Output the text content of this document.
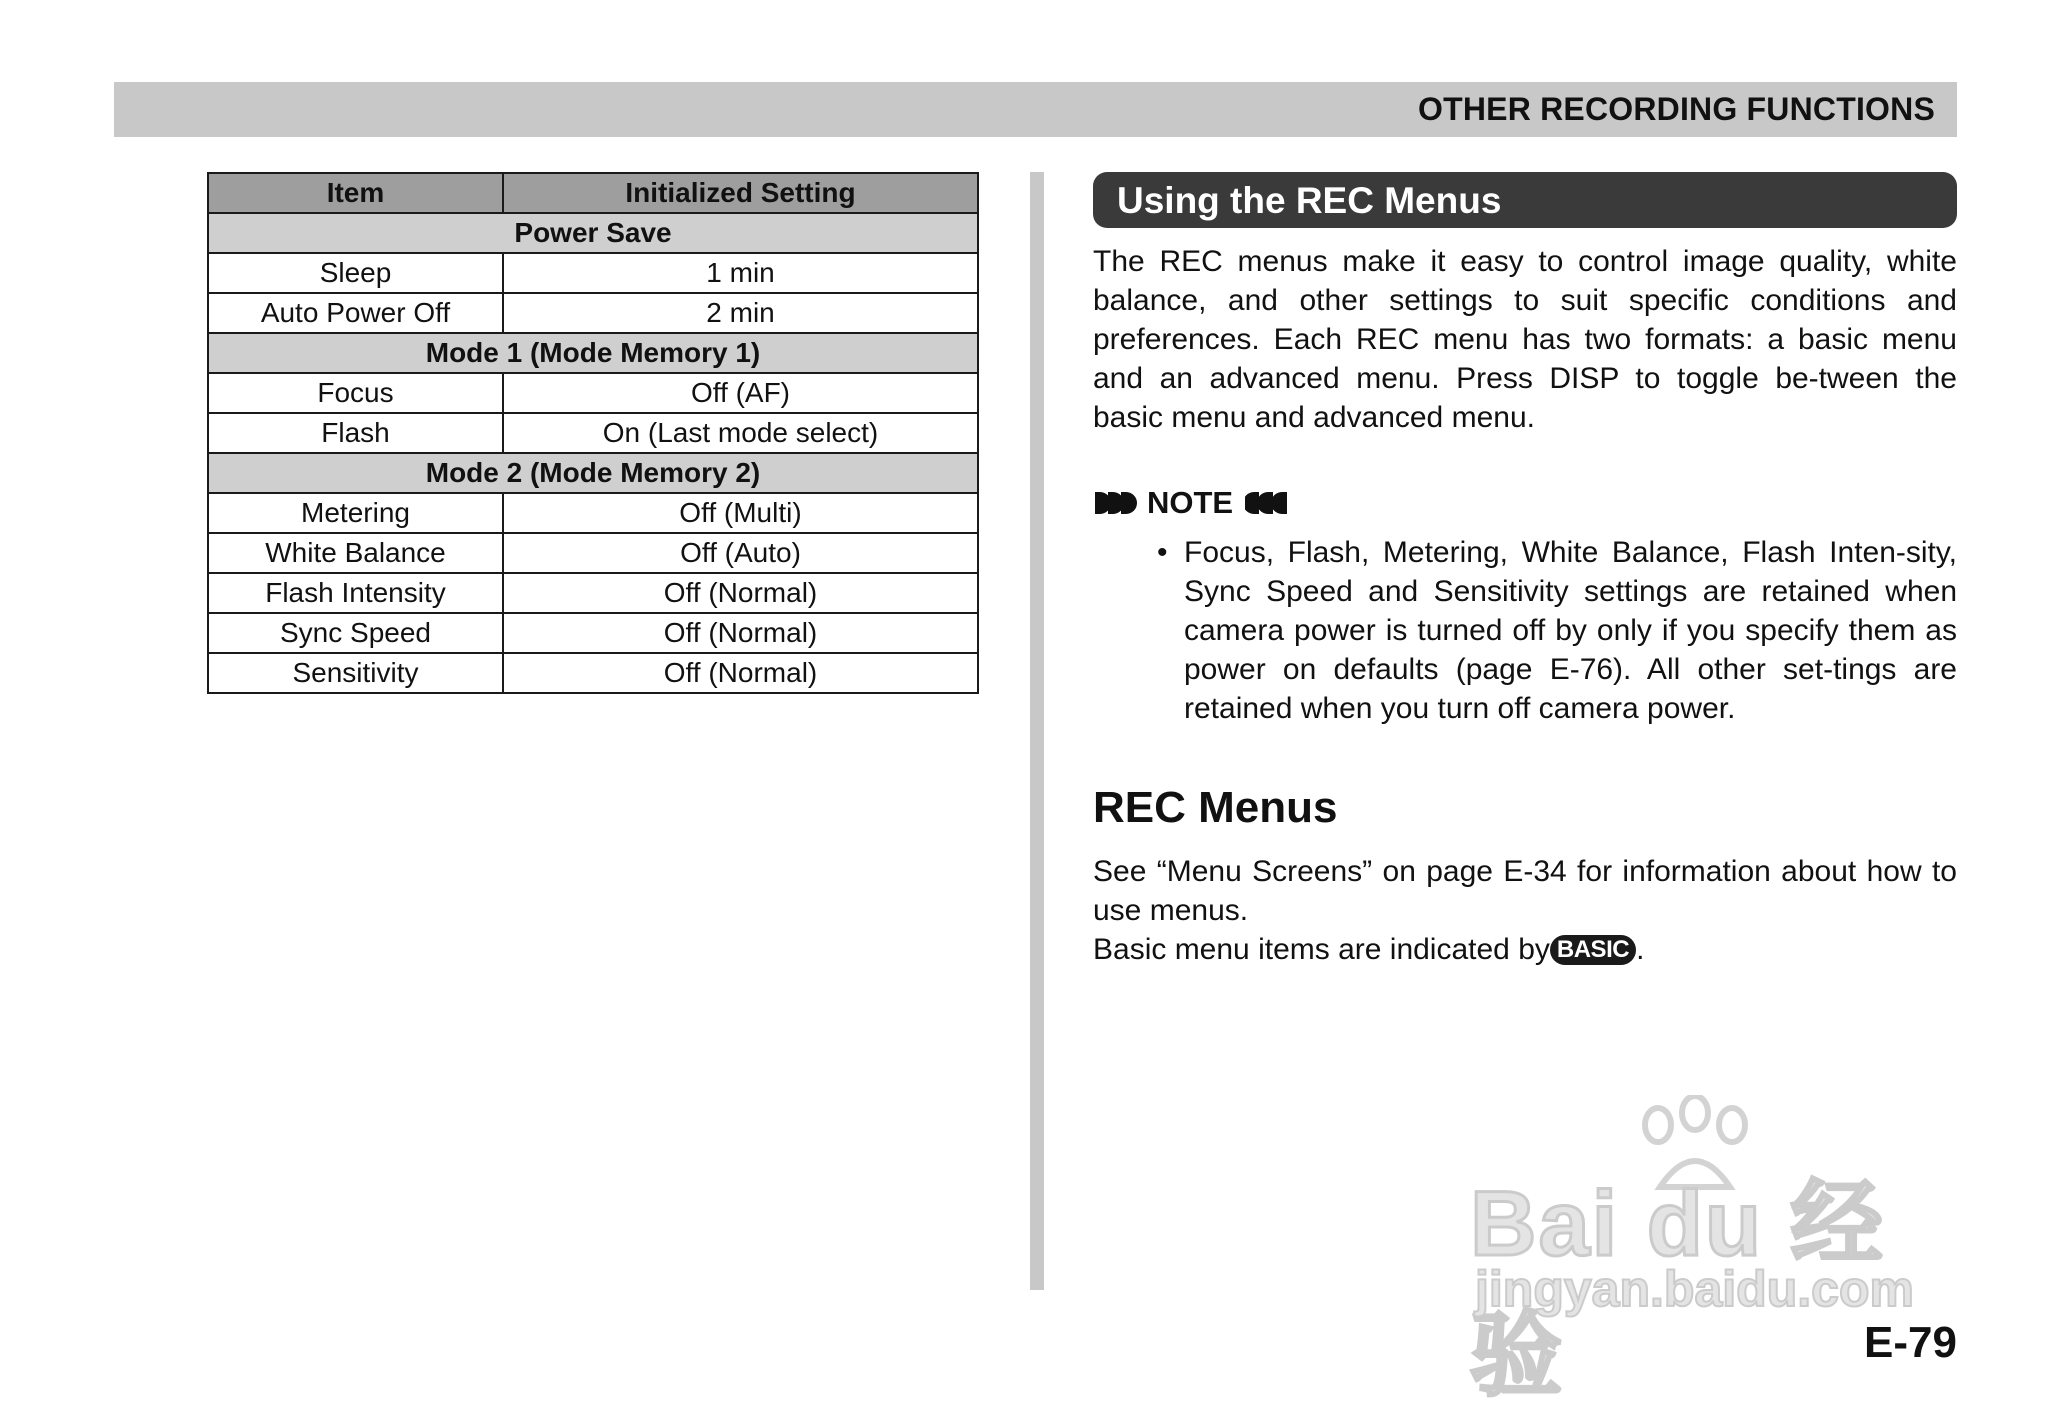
OTHER RECORDING FUNCTIONS
Item	Initialized Setting
Power Save	
Sleep	1 min
Auto Power Off	2 min
Mode 1 (Mode Memory 1)	
Focus	Off (AF)
Flash	On (Last mode select)
Mode 2 (Mode Memory 2)	
Metering	Off (Multi)
White Balance	Off (Auto)
Flash Intensity	Off (Normal)
Sync Speed	Off (Normal)
Sensitivity	Off (Normal)
Using the REC Menus

The REC menus make it easy to control image quality, white balance, and other settings to suit specific conditions and preferences. Each REC menu has two formats: a basic menu and an advanced menu. Press DISP to toggle be-tween the basic menu and advanced menu.

NOTE

• Focus, Flash, Metering, White Balance, Flash Inten-sity, Sync Speed and Sensitivity settings are retained when camera power is turned off by only if you specify them as power on defaults (page E-76). All other set-tings are retained when you turn off camera power.

REC Menus

See “Menu Screens” on page E-34 for information about how to use menus.

Basic menu items are indicated by BASIC .

Bai du 经验
jingyan.baidu.com
E-79
